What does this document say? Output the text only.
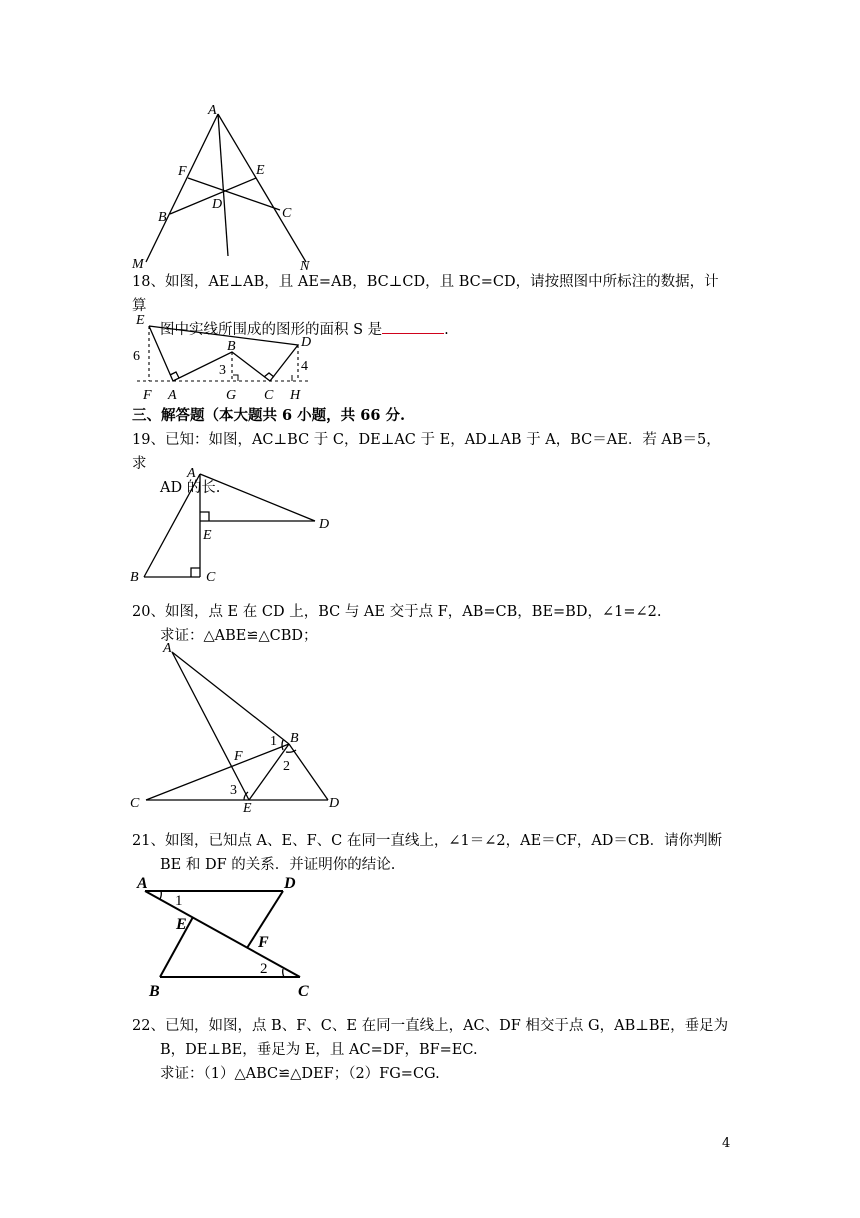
A
F	E
D
B	C
M	N
18、如图，AE⊥AB，且 AE=AB，BC⊥CD，且 BC=CD，请按照图中所标注的数据，计算
图中实线所围成的图形的面积 S 是	.
E
B	D
6
3	4
F A	G C H
三、解答题（本大题共 6 小题，共 66 分.
19、已知：如图，AC⊥BC 于 C，DE⊥AC 于 E，AD⊥AB 于 A，BC＝AE．若 AB＝5，求
AD 的长.
A
D
E
B	C
20、如图，点 E 在 CD 上，BC 与 AE 交于点 F，AB=CB，BE=BD，∠1=∠2.
求证：△ABE≌△CBD；
A
B
F
1
2
3
C	E	D
21、如图，已知点 A、E、F、C 在同一直线上，∠1＝∠2，AE＝CF，AD＝CB．请你判断
BE 和 DF 的关系．并证明你的结论.
A	D
1
E
F
2
B	C
22、已知，如图，点 B、F、C、E 在同一直线上，AC、DF 相交于点 G，AB⊥BE，垂足为
B，DE⊥BE，垂足为 E，且 AC=DF，BF=EC.
求证：（1）△ABC≌△DEF；（2）FG=CG.
4
